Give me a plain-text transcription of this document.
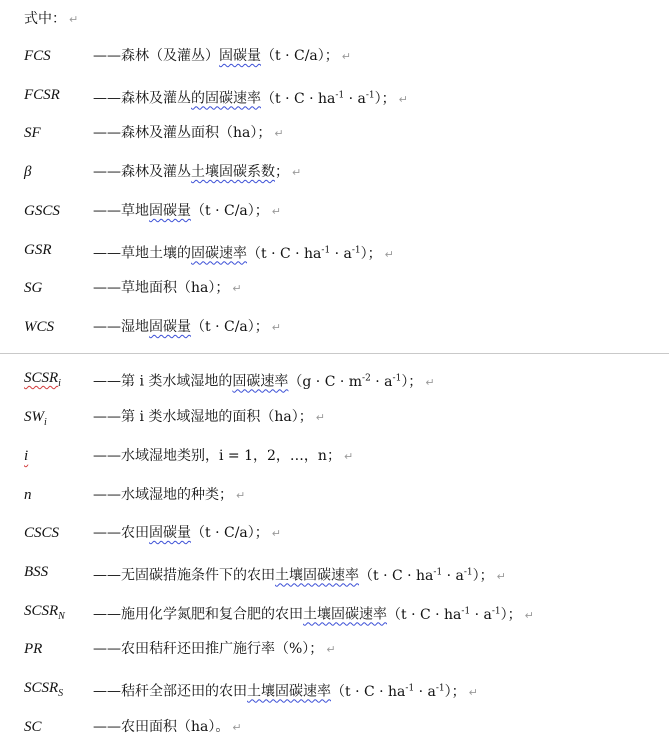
式中： ↵
FCS	——森林（及灌丛）固碳量（t · C/a）； ↵
FCSR ——森林及灌丛的固碳速率$(t \cdot C \cdot ha^{-1} \cdot a^{-1})$； ↵
SF	——森林及灌丛面积（ha）； ↵
β	——森林及灌丛土壤固碳系数； ↵
GSCS ——草地固碳量（t · C/a）； ↵
GSR	——草地土壤的固碳速率$(t \cdot C \cdot ha^{-1} \cdot a^{-1})$； ↵
SG	——草地面积（ha）； ↵
WCS	——湿地固碳量（t · C/a）； ↵
$SCSR_i$ ——第 i 类水域湿地的固碳速率$(g \cdot C \cdot m^{-2} \cdot a^{-1})$； ↵
$SW_i$	——第 i 类水域湿地的面积（ha）； ↵
i	——水域湿地类别，i = 1，2，…，n； ↵
n	——水域湿地的种类； ↵
CSCS ——农田固碳量（t · C/a）； ↵
BSS	——无固碳措施条件下的农田土壤固碳速率$(t \cdot C \cdot ha^{-1} \cdot a^{-1})$； ↵
$SCSR_N$ ——施用化学氮肥和复合肥的农田土壤固碳速率$(t \cdot C \cdot ha^{-1} \cdot a^{-1})$； ↵
PR	——农田秸秆还田推广施行率（%）； ↵
$SCSR_S$ ——秸秆全部还田的农田土壤固碳速率$(t \cdot C \cdot ha^{-1} \cdot a^{-1})$； ↵
SC	——农田面积（ha）。 ↵
